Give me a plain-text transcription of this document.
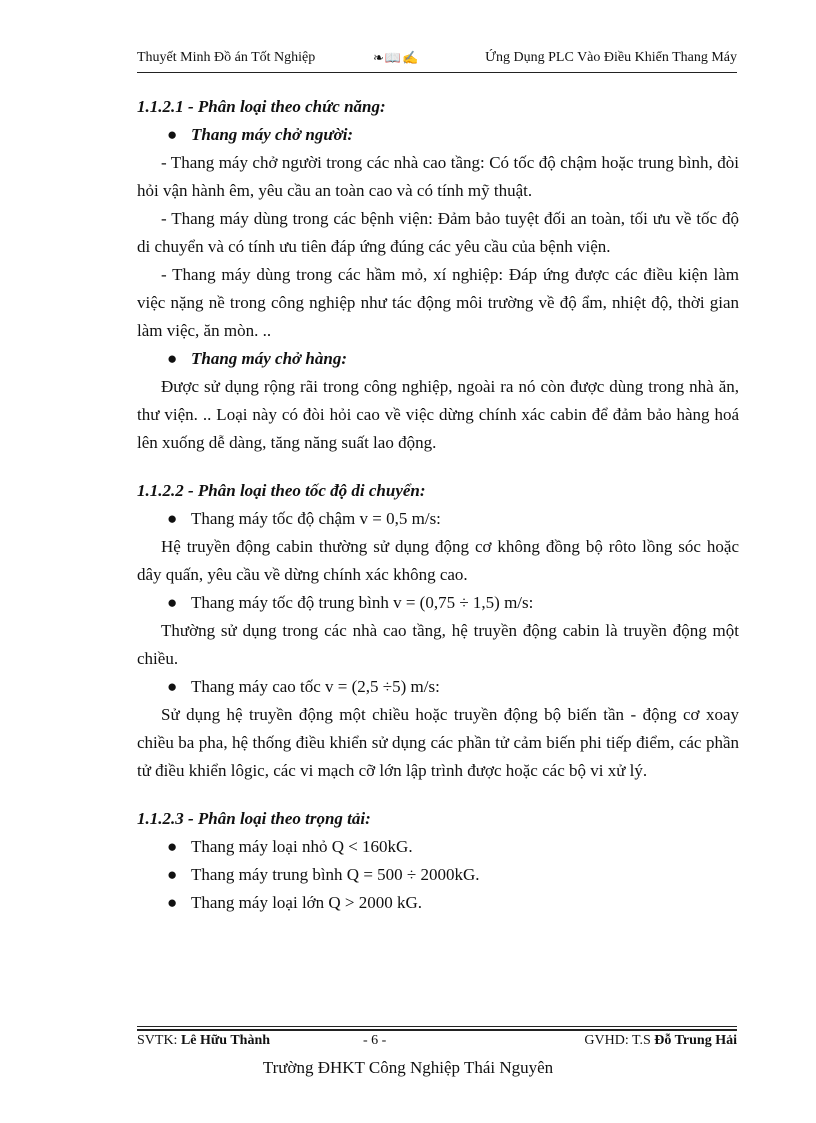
Thuyết Minh Đồ án Tốt Nghiệp	❧📖✍	Ứng Dụng PLC Vào Điều Khiển Thang Máy

1.1.2.1 - Phân loại theo chức năng:

● Thang máy chở người:

- Thang máy chở người trong các nhà cao tầng: Có tốc độ chậm hoặc trung bình, đòi hỏi vận hành êm, yêu cầu an toàn cao và có tính mỹ thuật.

- Thang máy dùng trong các bệnh viện: Đảm bảo tuyệt đối an toàn, tối ưu về tốc độ di chuyển và có tính ưu tiên đáp ứng đúng các yêu cầu của bệnh viện.

- Thang máy dùng trong các hầm mỏ, xí nghiệp: Đáp ứng được các điều kiện làm việc nặng nề trong công nghiệp như tác động môi trường về độ ẩm, nhiệt độ, thời gian làm việc, ăn mòn. ..

● Thang máy chở hàng:

Được sử dụng rộng rãi trong công nghiệp, ngoài ra nó còn được dùng trong nhà ăn, thư viện. .. Loại này có đòi hỏi cao về việc dừng chính xác cabin để đảm bảo hàng hoá lên xuống dễ dàng, tăng năng suất lao động.

1.1.2.2 - Phân loại theo tốc độ di chuyển:

● Thang máy tốc độ chậm v = 0,5 m/s:

Hệ truyền động cabin thường sử dụng động cơ không đồng bộ rôto lồng sóc hoặc dây quấn, yêu cầu về dừng chính xác không cao.

● Thang máy tốc độ trung bình v = (0,75 ÷ 1,5) m/s:

Thường sử dụng trong các nhà cao tầng, hệ truyền động cabin là truyền động một chiều.

● Thang máy cao tốc v = (2,5 ÷5) m/s:

Sử dụng hệ truyền động một chiều hoặc truyền động bộ biến tần - động cơ xoay chiều ba pha, hệ thống điều khiển sử dụng các phần tử cảm biến phi tiếp điểm, các phần tử điều khiển lôgic, các vi mạch cỡ lớn lập trình được hoặc các bộ vi xử lý.

1.1.2.3 - Phân loại theo trọng tải:

● Thang máy loại nhỏ Q < 160kG.

● Thang máy trung bình Q = 500 ÷ 2000kG.

● Thang máy loại lớn Q > 2000 kG.

SVTK: Lê Hữu Thành	- 6 -	GVHD: T.S Đỗ Trung Hải
Trường ĐHKT Công Nghiệp Thái Nguyên
